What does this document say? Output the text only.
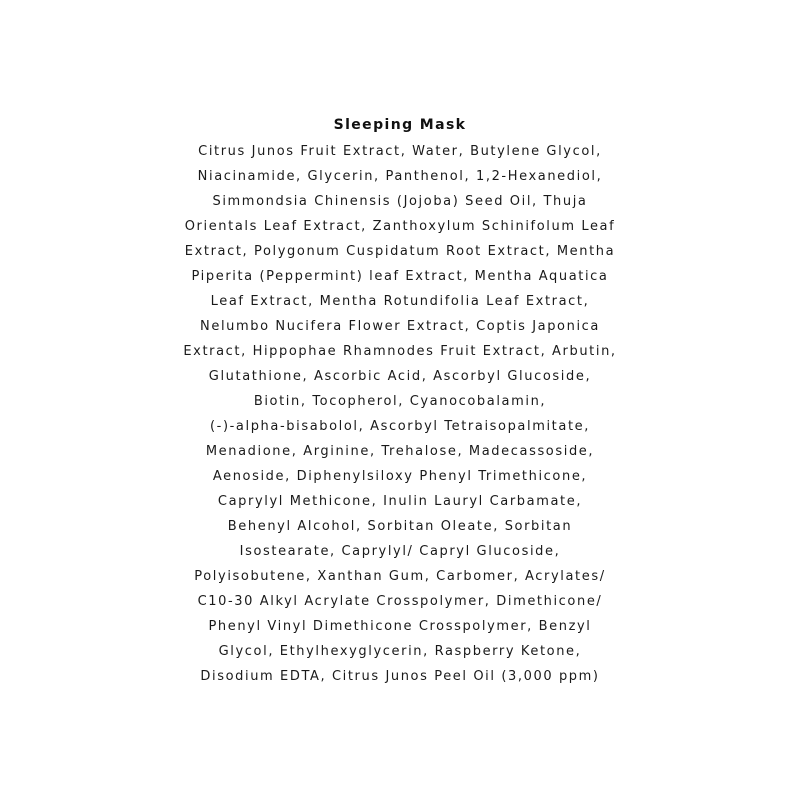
Sleeping Mask
Citrus Junos Fruit Extract, Water, Butylene Glycol,
Niacinamide, Glycerin, Panthenol, 1,2-Hexanediol,
Simmondsia Chinensis (Jojoba) Seed Oil, Thuja
Orientals Leaf Extract, Zanthoxylum Schinifolum Leaf
Extract, Polygonum Cuspidatum Root Extract, Mentha
Piperita (Peppermint) leaf Extract, Mentha Aquatica
Leaf Extract, Mentha Rotundifolia Leaf Extract,
Nelumbo Nucifera Flower Extract, Coptis Japonica
Extract, Hippophae Rhamnodes Fruit Extract, Arbutin,
Glutathione, Ascorbic Acid, Ascorbyl Glucoside,
Biotin, Tocopherol, Cyanocobalamin,
(-)-alpha-bisabolol, Ascorbyl Tetraisopalmitate,
Menadione, Arginine, Trehalose, Madecassoside,
Aenoside, Diphenylsiloxy Phenyl Trimethicone,
Caprylyl Methicone, Inulin Lauryl Carbamate,
Behenyl Alcohol, Sorbitan Oleate, Sorbitan
Isostearate, Caprylyl/ Capryl Glucoside,
Polyisobutene, Xanthan Gum, Carbomer, Acrylates/
C10-30 Alkyl Acrylate Crosspolymer, Dimethicone/
Phenyl Vinyl Dimethicone Crosspolymer, Benzyl
Glycol, Ethylhexyglycerin, Raspberry Ketone,
Disodium EDTA, Citrus Junos Peel Oil (3,000 ppm)
